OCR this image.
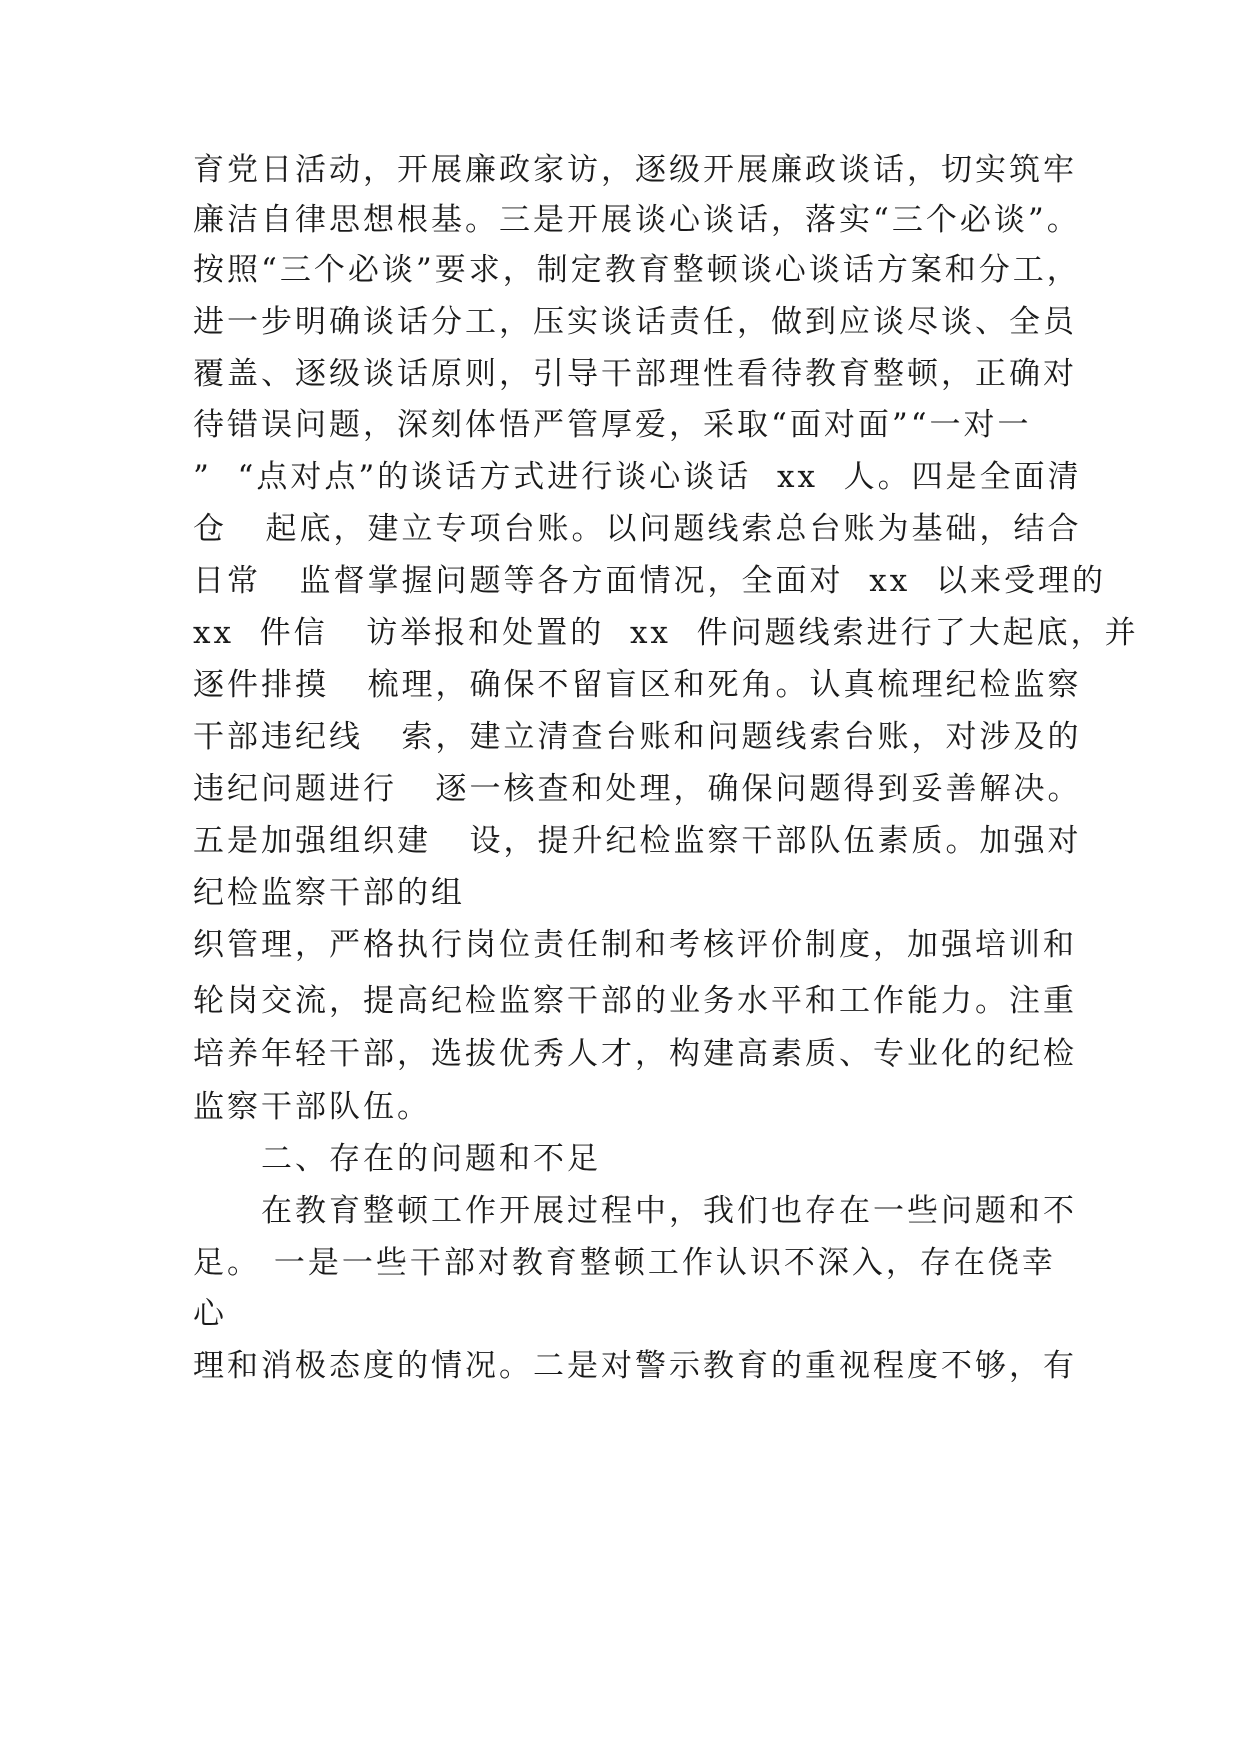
育党日活动，开展廉政家访，逐级开展廉政谈话，切实筑牢
廉洁自律思想根基。三是开展谈心谈话，落实“三个必谈”。
按照“三个必谈”要求，制定教育整顿谈心谈话方案和分工，
进一步明确谈话分工，压实谈话责任，做到应谈尽谈、全员
覆盖、逐级谈话原则，引导干部理性看待教育整顿，正确对
待错误问题，深刻体悟严管厚爱，采取“面对面”“一对一
”  “点对点”的谈话方式进行谈心谈话  xx  人。四是全面清
仓   起底，建立专项台账。以问题线索总台账为基础，结合
日常   监督掌握问题等各方面情况，全面对  xx  以来受理的
xx  件信   访举报和处置的  xx  件问题线索进行了大起底，并
逐件排摸   梳理，确保不留盲区和死角。认真梳理纪检监察
干部违纪线   索，建立清查台账和问题线索台账，对涉及的
违纪问题进行   逐一核查和处理，确保问题得到妥善解决。
五是加强组织建   设，提升纪检监察干部队伍素质。加强对
纪检监察干部的组
织管理，严格执行岗位责任制和考核评价制度，加强培训和
轮岗交流，提高纪检监察干部的业务水平和工作能力。注重
培养年轻干部，选拔优秀人才，构建高素质、专业化的纪检
监察干部队伍。
二、存在的问题和不足
在教育整顿工作开展过程中，我们也存在一些问题和不
足。 一是一些干部对教育整顿工作认识不深入，存在侥幸
心
理和消极态度的情况。二是对警示教育的重视程度不够，有
